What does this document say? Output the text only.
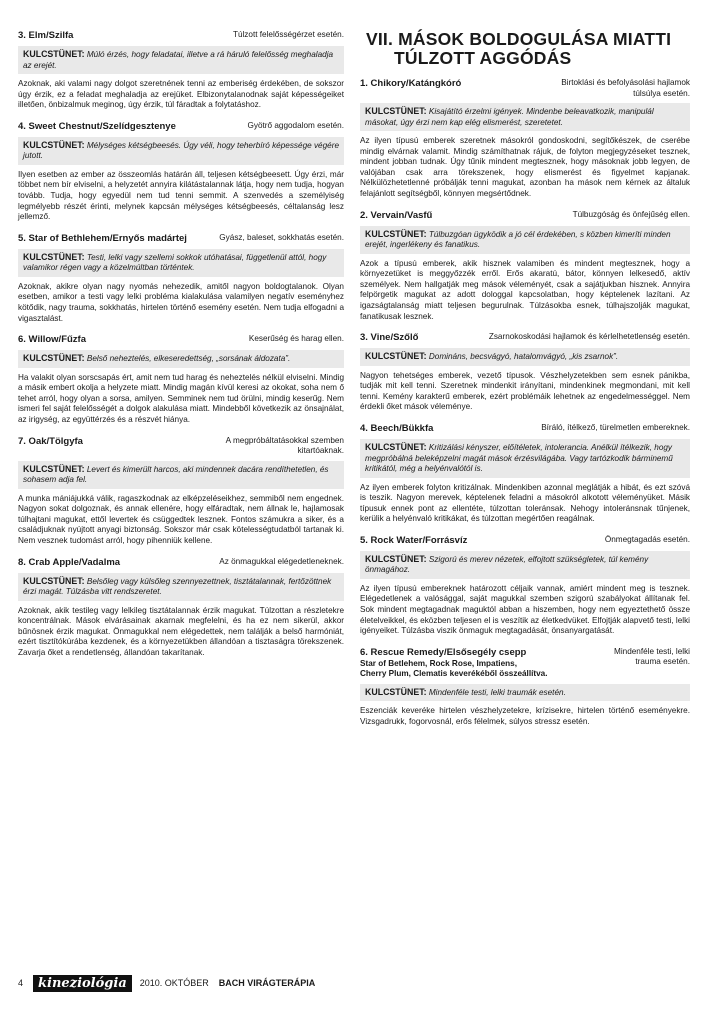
3. Elm/Szilfa	Túlzott felelősségérzet esetén.
KULCSTÜNET: Múló érzés, hogy feladatai, illetve a rá háruló felelősség meghaladja az erejét.
Azoknak, aki valami nagy dolgot szeretnének tenni az emberiség érdekében, de sokszor úgy érzik, ez a feladat meghaladja az erejüket. Elbizonytalanodnak saját képességeiket illetően, önbizalmuk meginog, úgy érzik, túl fáradtak a folytatáshoz.
4. Sweet Chestnut/Szelídgesztenye	Gyötrő aggodalom esetén.
KULCSTÜNET: Mélységes kétségbeesés. Úgy véli, hogy teherbíró képessége végére jutott.
Ilyen esetben az ember az összeomlás határán áll, teljesen kétségbeesett. Úgy érzi, már többet nem bír elviselni, a helyzetét annyira kilátástalannak látja, hogy nem tudja, hogyan tovább. Tudja, hogy egyedül nem tud tenni semmit. A szenvedés a személyiség legmélyebb részét érinti, melynek kapcsán mélységes kétségbeesés, céltalanság lesz jellemző.
5. Star of Bethlehem/Ernyős madártej	Gyász, baleset, sokkhatás esetén.
KULCSTÜNET: Testi, lelki vagy szellemi sokkok utóhatásai, függetlenül attól, hogy valamikor régen vagy a közelmúltban történtek.
Azoknak, akikre olyan nagy nyomás nehezedik, amitől nagyon boldogtalanok. Olyan esetben, amikor a testi vagy lelki probléma kialakulása valamilyen negatív eseményhez kötődik, nagy trauma, sokkhatás, hirtelen történő esemény esetén. Nem tudja elfogadni a vigasztalást.
6. Willow/Fűzfa	Keserűség és harag ellen.
KULCSTÜNET: Belső neheztelés, elkeseredettség, „sorsának áldozata”.
Ha valakit olyan sorscsapás ért, amit nem tud harag és neheztelés nélkül elviselni. Mindig a másik embert okolja a helyzete miatt. Mindig magán kívül keresi az okokat, soha nem ő tehet arról, hogy olyan a sorsa, amilyen. Semminek nem tud örülni, mindig keserűg. Nem ismeri fel saját felelősségét a dolgok alakulása miatt. Mindebből következik az önsajnálat, az irigység, az együttérzés és a részvét hiánya.
7. Oak/Tölgyfa	A megpróbáltatásokkal szemben kitartóaknak.
KULCSTÜNET: Levert és kimerült harcos, aki mindennek dacára rendíthetetlen, és sohasem adja fel.
A munka mániájukká válik, ragaszkodnak az elképzeléseikhez, semmiből nem engednek. Nagyon sokat dolgoznak, és annak ellenére, hogy elfáradtak, nem állnak le, hajlamosak túlhajtani magukat, ettől levertek és csüggedtek lesznek. Fontos számukra a siker, és a családjuknak nyújtott anyagi biztonság. Sokszor már csak kötelességtudatból tartanak ki. Nem vesznek tudomást arról, hogy pihenniük kellene.
8. Crab Apple/Vadalma	Az önmagukkal elégedetleneknek.
KULCSTÜNET: Belsőleg vagy külsőleg szennyezettnek, tisztátalannak, fertőzöttnek érzi magát. Túlzásba vitt rendszeretet.
Azoknak, akik testileg vagy lelkileg tisztátalannak érzik magukat. Túlzottan a részletekre koncentrálnak. Mások elvárásainak akarnak megfelelni, és ha ez nem sikerül, akkor bűnösnek érzik magukat. Önmagukkal nem elégedettek, nem találják a belső harmóniát, ezért tisztítókúrába kezdenek, és a környezetükben állandóan a tisztaságra törekszenek. Zavarja őket a rendetlenség, állandóan takarítanak.
VII. MÁSOK BOLDOGULÁSA MIATTI
TÚLZOTT AGGÓDÁS
1. Chikory/Katángkóró	Birtoklási és befolyásolási hajlamok túlsúlya esetén.
KULCSTÜNET: Kisajátító érzelmi igények. Mindenbe beleavatkozik, manipulál másokat, úgy érzi nem kap elég elismerést, szeretetet.
Az ilyen típusú emberek szeretnek másokról gondoskodni, segítőkészek, de cserébe mindig elvárnak valamit. Mindig számíthatnak rájuk, de folyton megjegyzéseket tesznek, mindent jobban tudnak. Úgy tűnik mindent megtesznek, hogy másoknak jobb legyen, de valójában csak arra törekszenek, hogy elismerést és figyelmet kapjanak. Nélkülözhetetlenné próbálják tenni magukat, azonban ha mások nem kérnek az általuk felajánlott segítségből, könnyen megsértődnek.
2. Vervain/Vasfű	Túlbuzgóság és önfejűség ellen.
KULCSTÜNET: Túlbuzgóan ügyködik a jó cél érdekében, s közben kimeríti minden erejét, ingerlékeny és fanatikus.
Azok a típusú emberek, akik hisznek valamiben és mindent megtesznek, hogy a környezetüket is meggyőzzék erről. Erős akaratú, bátor, könnyen lelkesedő, aktív személyek. Nem hallgatják meg mások véleményét, csak a sajátjukban hisznek. Annyira felpörgetik magukat az adott dologgal kapcsolatban, hogy képtelenek lazítani. Az igazságtalanság miatt teljesen begurulnak. Túlzásokba esnek, túlhajszolják magukat, fanatikusak lesznek.
3. Vine/Szőlő	Zsarnokoskodási hajlamok és kérlelhetetlenség esetén.
KULCSTÜNET: Domináns, becsvágyó, hatalomvágyó, „kis zsarnok”.
Nagyon tehetséges emberek, vezető típusok. Vészhelyzetekben sem esnek pánikba, tudják mit kell tenni. Szeretnek mindenkit irányítani, mindenkinek megmondani, mit kell tenni. Kemény karakterű emberek, ezért problémáik lehetnek az engedelmességgel. Nem érdekli őket mások véleménye.
4. Beech/Bükkfa	Bíráló, ítélkező, türelmetlen embereknek.
KULCSTÜNET: Kritizálási kényszer, előítéletek, intolerancia. Anélkül ítélkezik, hogy megpróbálná beleképzelni magát mások érzésvilágába. Vagy tartózkodik bárminemű kritikától, még a helyénvalótól is.
Az ilyen emberek folyton kritizálnak. Mindenkiben azonnal meglátják a hibát, és ezt szóvá is teszik. Nagyon merevek, képtelenek feladni a másokról alkotott véleményüket. Másik típusuk ennek pont az ellentéte, túlzottan toleránsak. Nehogy intoleránsnak tűnjenek, kerülik a helyénvaló kritikákat, és túlzottan megértően reagálnak.
5. Rock Water/Forrásvíz	Önmegtagadás esetén.
KULCSTÜNET: Szigorú és merev nézetek, elfojtott szükségletek, túl kemény önmagához.
Az ilyen típusú embereknek határozott céljaik vannak, amiért mindent meg is tesznek. Elégedetlenek a valósággal, saját magukkal szemben szigorú szabályokat állítanak fel. Sok mindent megtagadnak maguktól abban a hiszemben, hogy nem egyeztethető össze életelveikkel, és eközben teljesen el is veszítik az életkedvüket. Elfojtják alapvető testi, lelki igényeiket. Túlzásba viszik önmaguk megtagadását, önsanyargatását.
6. Rescue Remedy/Elsősegély csepp
Star of Betlehem, Rock Rose, Impatiens,
Cherry Plum, Clematis keverékéből összeállítva.
Mindenféle testi, lelki trauma esetén.
KULCSTÜNET: Mindenféle testi, lelki traumák esetén.
Eszenciák keveréke hirtelen vészhelyzetekre, krízisekre, hirtelen történő eseményekre. Vizsgadrukk, fogorvosnál, erős félelmek, súlyos stressz esetén.
4	kineziológia	2010. OKTÓBER BACH VIRÁGTERÁPIA
